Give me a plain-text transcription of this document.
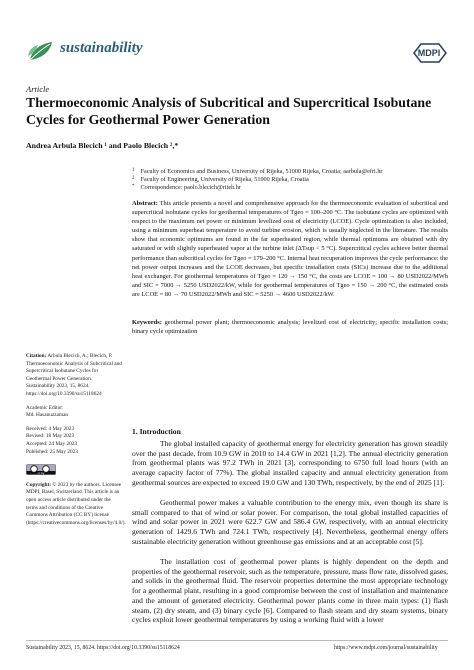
sustainability	MDPI
Article
Thermoeconomic Analysis of Subcritical and Supercritical Isobutane Cycles for Geothermal Power Generation
Andrea Arbula Blecich ¹ and Paolo Blecich ²,*
$^1$ Faculty of Economics and Business, University of Rijeka, 51000 Rijeka, Croatia; aarbula@efri.hr
$^2$ Faculty of Engineering, University of Rijeka, 51000 Rijeka, Croatia
* Correspondence: paolo.blecich@riteh.hr
Abstract: This article presents a novel and comprehensive approach for the thermoeconomic evaluation of subcritical and supercritical isobutane cycles for geothermal temperatures of Tgeo = 100–200 °C. The isobutane cycles are optimized with respect to the maximum net power or minimum levelized cost of electricity (LCOE). Cycle optimization is also included, using a minimum superheat temperature to avoid turbine erosion, which is usually neglected in the literature. The results show that economic optimums are found in the far superheated region, while thermal optimums are obtained with dry saturated or with slightly superheated vapor at the turbine inlet (ΔTsup < 5 °C). Supercritical cycles achieve better thermal performance than subcritical cycles for Tgeo = 179–200 °C. Internal heat recuperation improves the cycle performance: the net power output increases and the LCOE decreases, but specific installation costs (SICs) increase due to the additional heat exchanger. For geothermal temperatures of Tgeo = 120 → 150 °C, the costs are LCOE = 100 → 80 USD2022/MWh and SIC = 7000 → 5250 USD2022/kW, while for geothermal temperatures of Tgeo = 150 → 200 °C, the estimated costs are LCOE = 80 → 70 USD2022/MWh and SIC = 5250 → 4600 USD2022/kW.
Keywords: geothermal power plant; thermoeconomic analysis; levelized cost of electricity; specific installation costs; binary cycle optimization
Citation: Arbula Blecich, A.; Blecich, P. Thermoeconomic Analysis of Subcritical and Supercritical Isobutane Cycles for Geothermal Power Generation. Sustainability 2023, 15, 8624. https://doi.org/10.3390/su15118624
Academic Editor:
Md. Hasanuzzaman
Received: 4 May 2023
Revised: 18 May 2023
Accepted: 24 May 2023
Published: 25 May 2023
cc by
Copyright: © 2023 by the authors. Licensee MDPI, Basel, Switzerland. This article is an open access article distributed under the terms and conditions of the Creative Commons Attribution (CC BY) license (https://creativecommons.org/licenses/by/4.0/).
1. Introduction
The global installed capacity of geothermal energy for electricity generation has grown steadily over the past decade, from 10.9 GW in 2010 to 14.4 GW in 2021 [1,2]. The annual electricity generation from geothermal plants was 97.2 TWh in 2021 [3], corresponding to 6750 full load hours (with an average capacity factor of 77%). The global installed capacity and annual electricity generation from geothermal sources are expected to exceed 19.0 GW and 130 TWh, respectively, by the end of 2025 [1].
Geothermal power makes a valuable contribution to the energy mix, even though its share is small compared to that of wind or solar power. For comparison, the total global installed capacities of wind and solar power in 2021 were 622.7 GW and 586.4 GW, respectively, with an annual electricity generation of 1429.6 TWh and 724.1 TWh, respectively [4]. Nevertheless, geothermal energy offers sustainable electricity generation without greenhouse gas emissions and at an acceptable cost [5].
The installation cost of geothermal power plants is highly dependent on the depth and properties of the geothermal reservoir, such as the temperature, pressure, mass flow rate, dissolved gases, and solids in the geothermal fluid. The reservoir properties determine the most appropriate technology for a geothermal plant, resulting in a good compromise between the cost of installation and maintenance and the amount of generated electricity. Geothermal power plants come in three main types: (1) flash steam, (2) dry steam, and (3) binary cycle [6]. Compared to flash steam and dry steam systems, binary cycles exploit lower geothermal temperatures by using a working fluid with a lower
Sustainability 2023, 15, 8624. https://doi.org/10.3390/su15118624	https://www.mdpi.com/journal/sustainability
